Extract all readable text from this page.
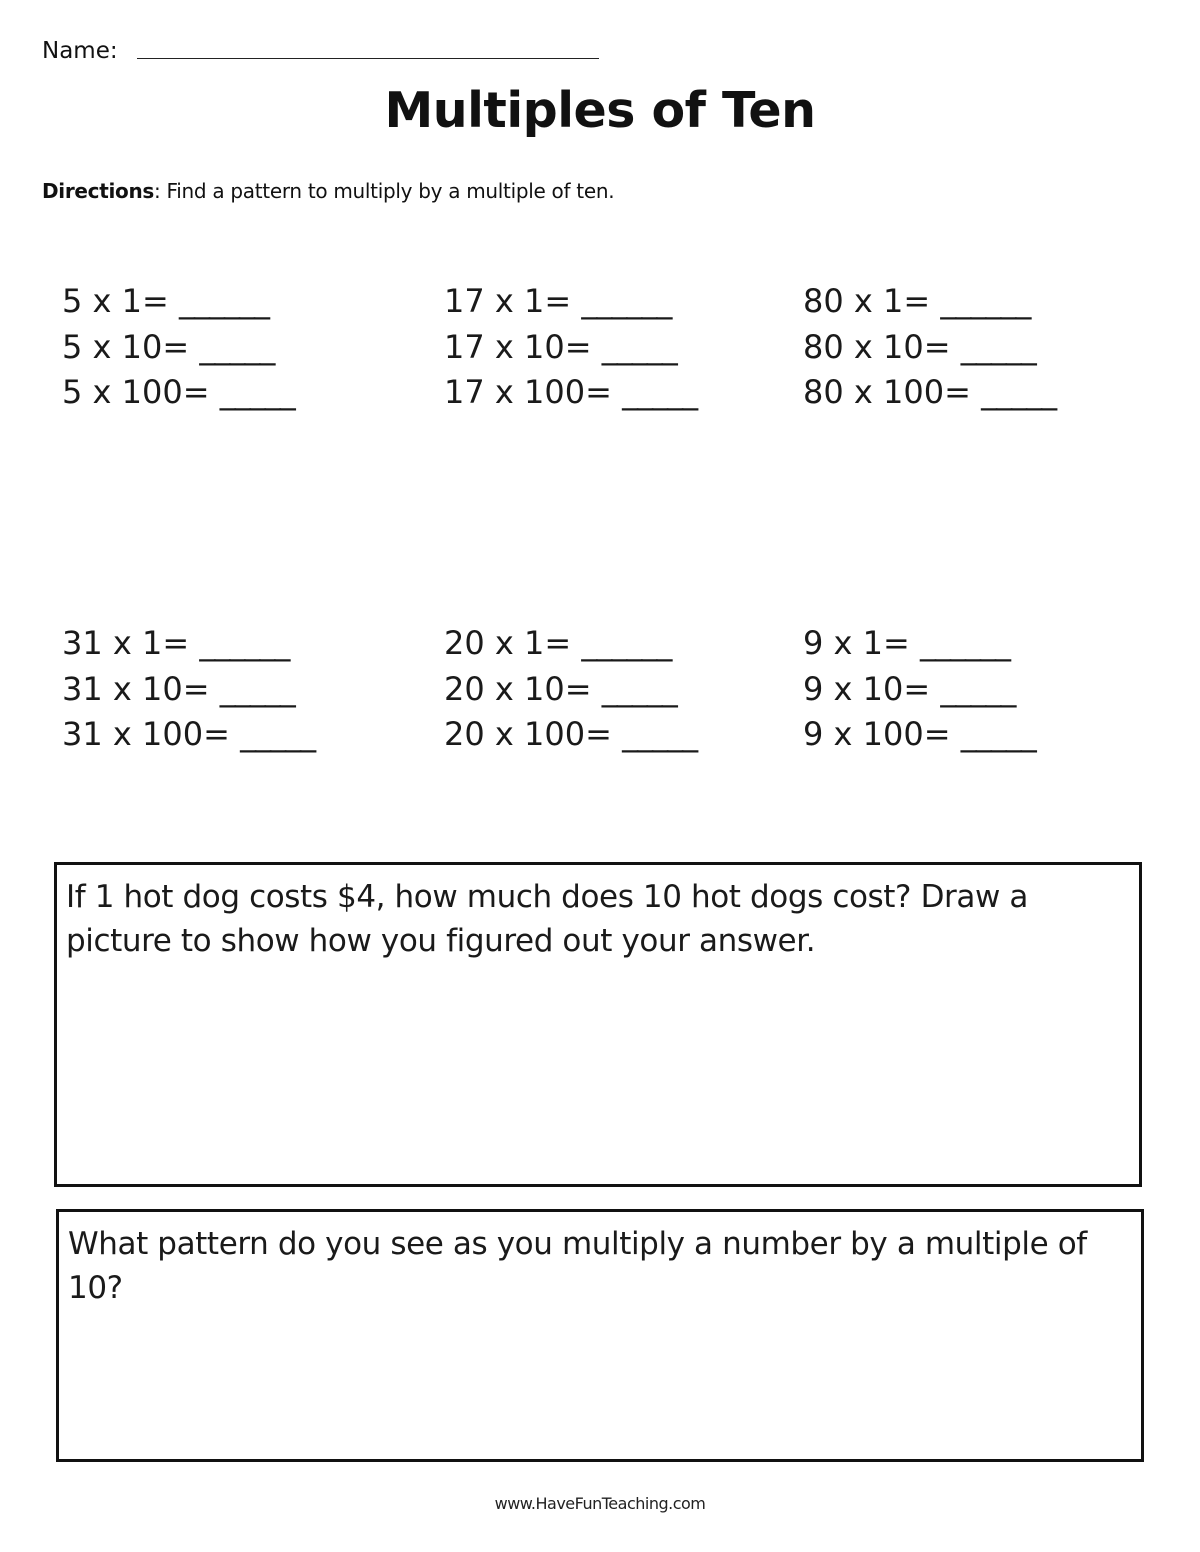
Name:
Multiples of Ten
Directions: Find a pattern to multiply by a multiple of ten.
5 x 1= ______
5 x 10= _____
5 x 100= _____
17 x 1= ______
17 x 10= _____
17 x 100= _____
80 x 1= ______
80 x 10= _____
80 x 100= _____
31 x 1= ______
31 x 10= _____
31 x 100= _____
20 x 1= ______
20 x 10= _____
20 x 100= _____
9 x 1= ______
9 x 10= _____
9 x 100= _____
If 1 hot dog costs $4, how much does 10 hot dogs cost? Draw a picture to show how you figured out your answer.
What pattern do you see as you multiply a number by a multiple of 10?
www.HaveFunTeaching.com
